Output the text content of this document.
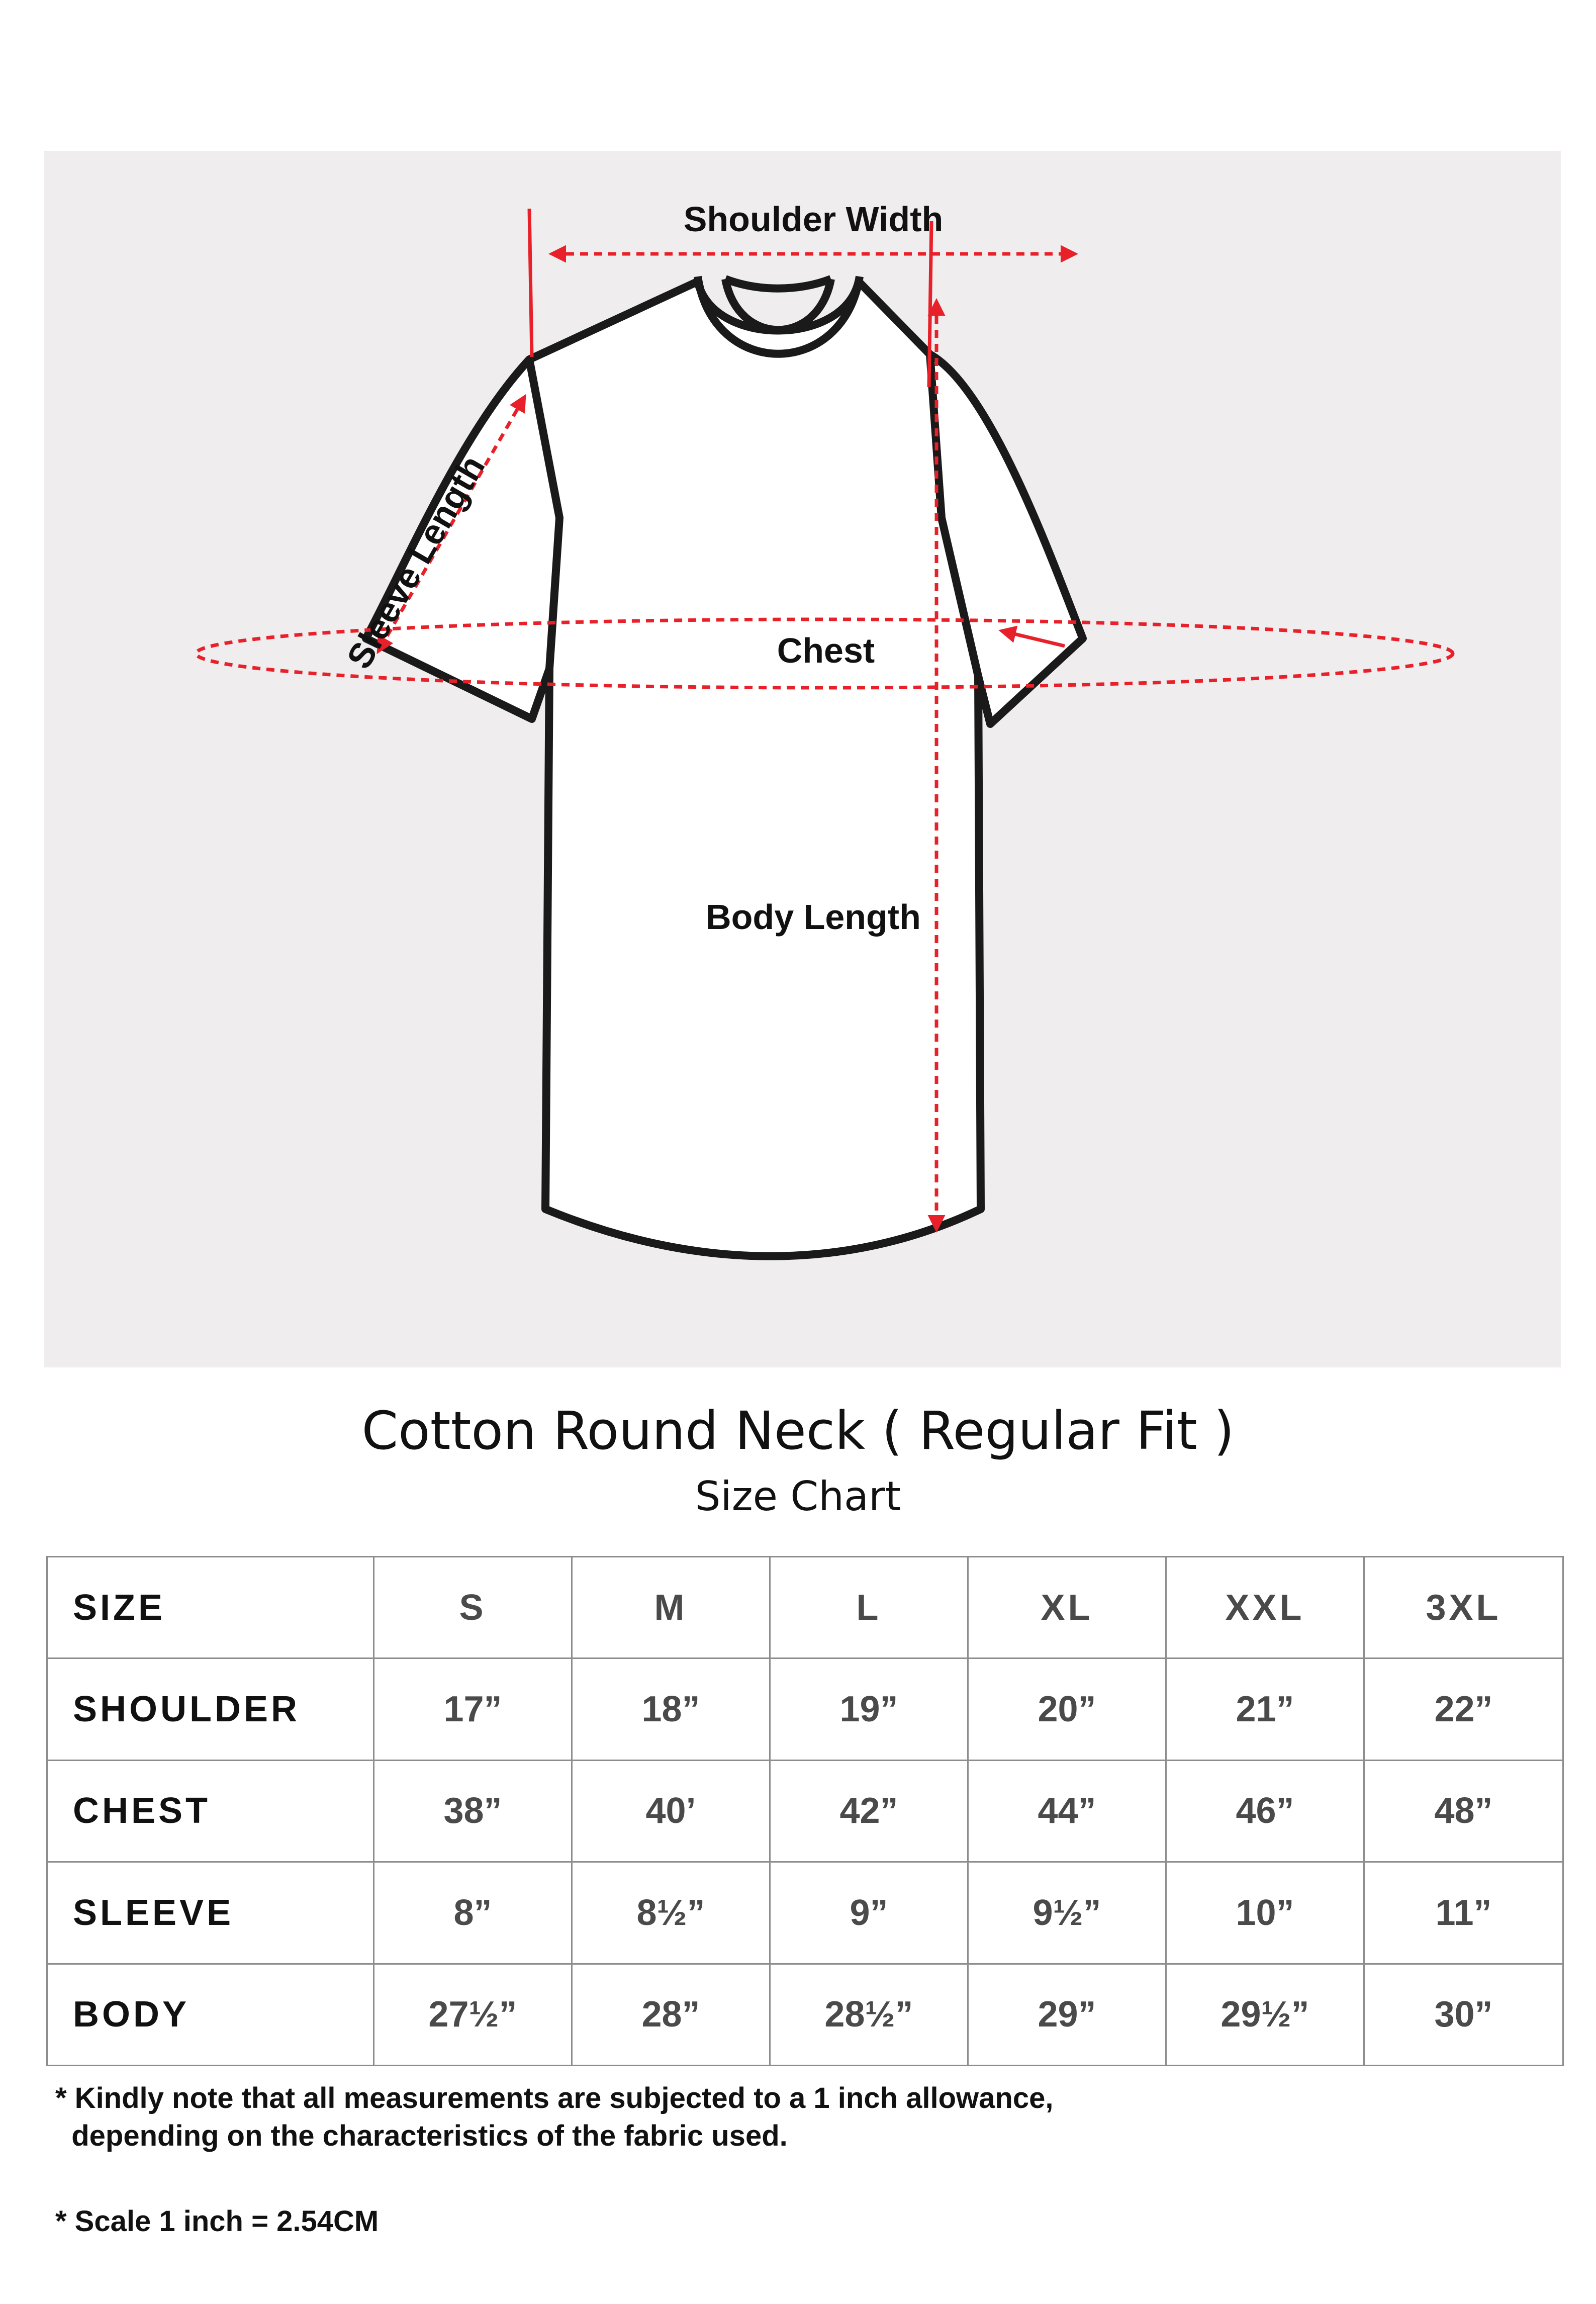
Shoulder Width
Sleeve Length	Chest
Body Length
Cotton Round Neck ( Regular Fit )
Size Chart
SIZE	S	M	L	XL	XXL	3XL
SHOULDER	17”	18”	19”	20”	21”	22”
CHEST	38”	40’	42”	44”	46”	48”
SLEEVE	8”	8½”	9”	9½”	10”	11”
BODY	27½”	28”	28½”	29”	29½”	30”
* Kindly note that all measurements are subjected to a 1 inch allowance,
depending on the characteristics of the fabric used.
* Scale 1 inch = 2.54CM
